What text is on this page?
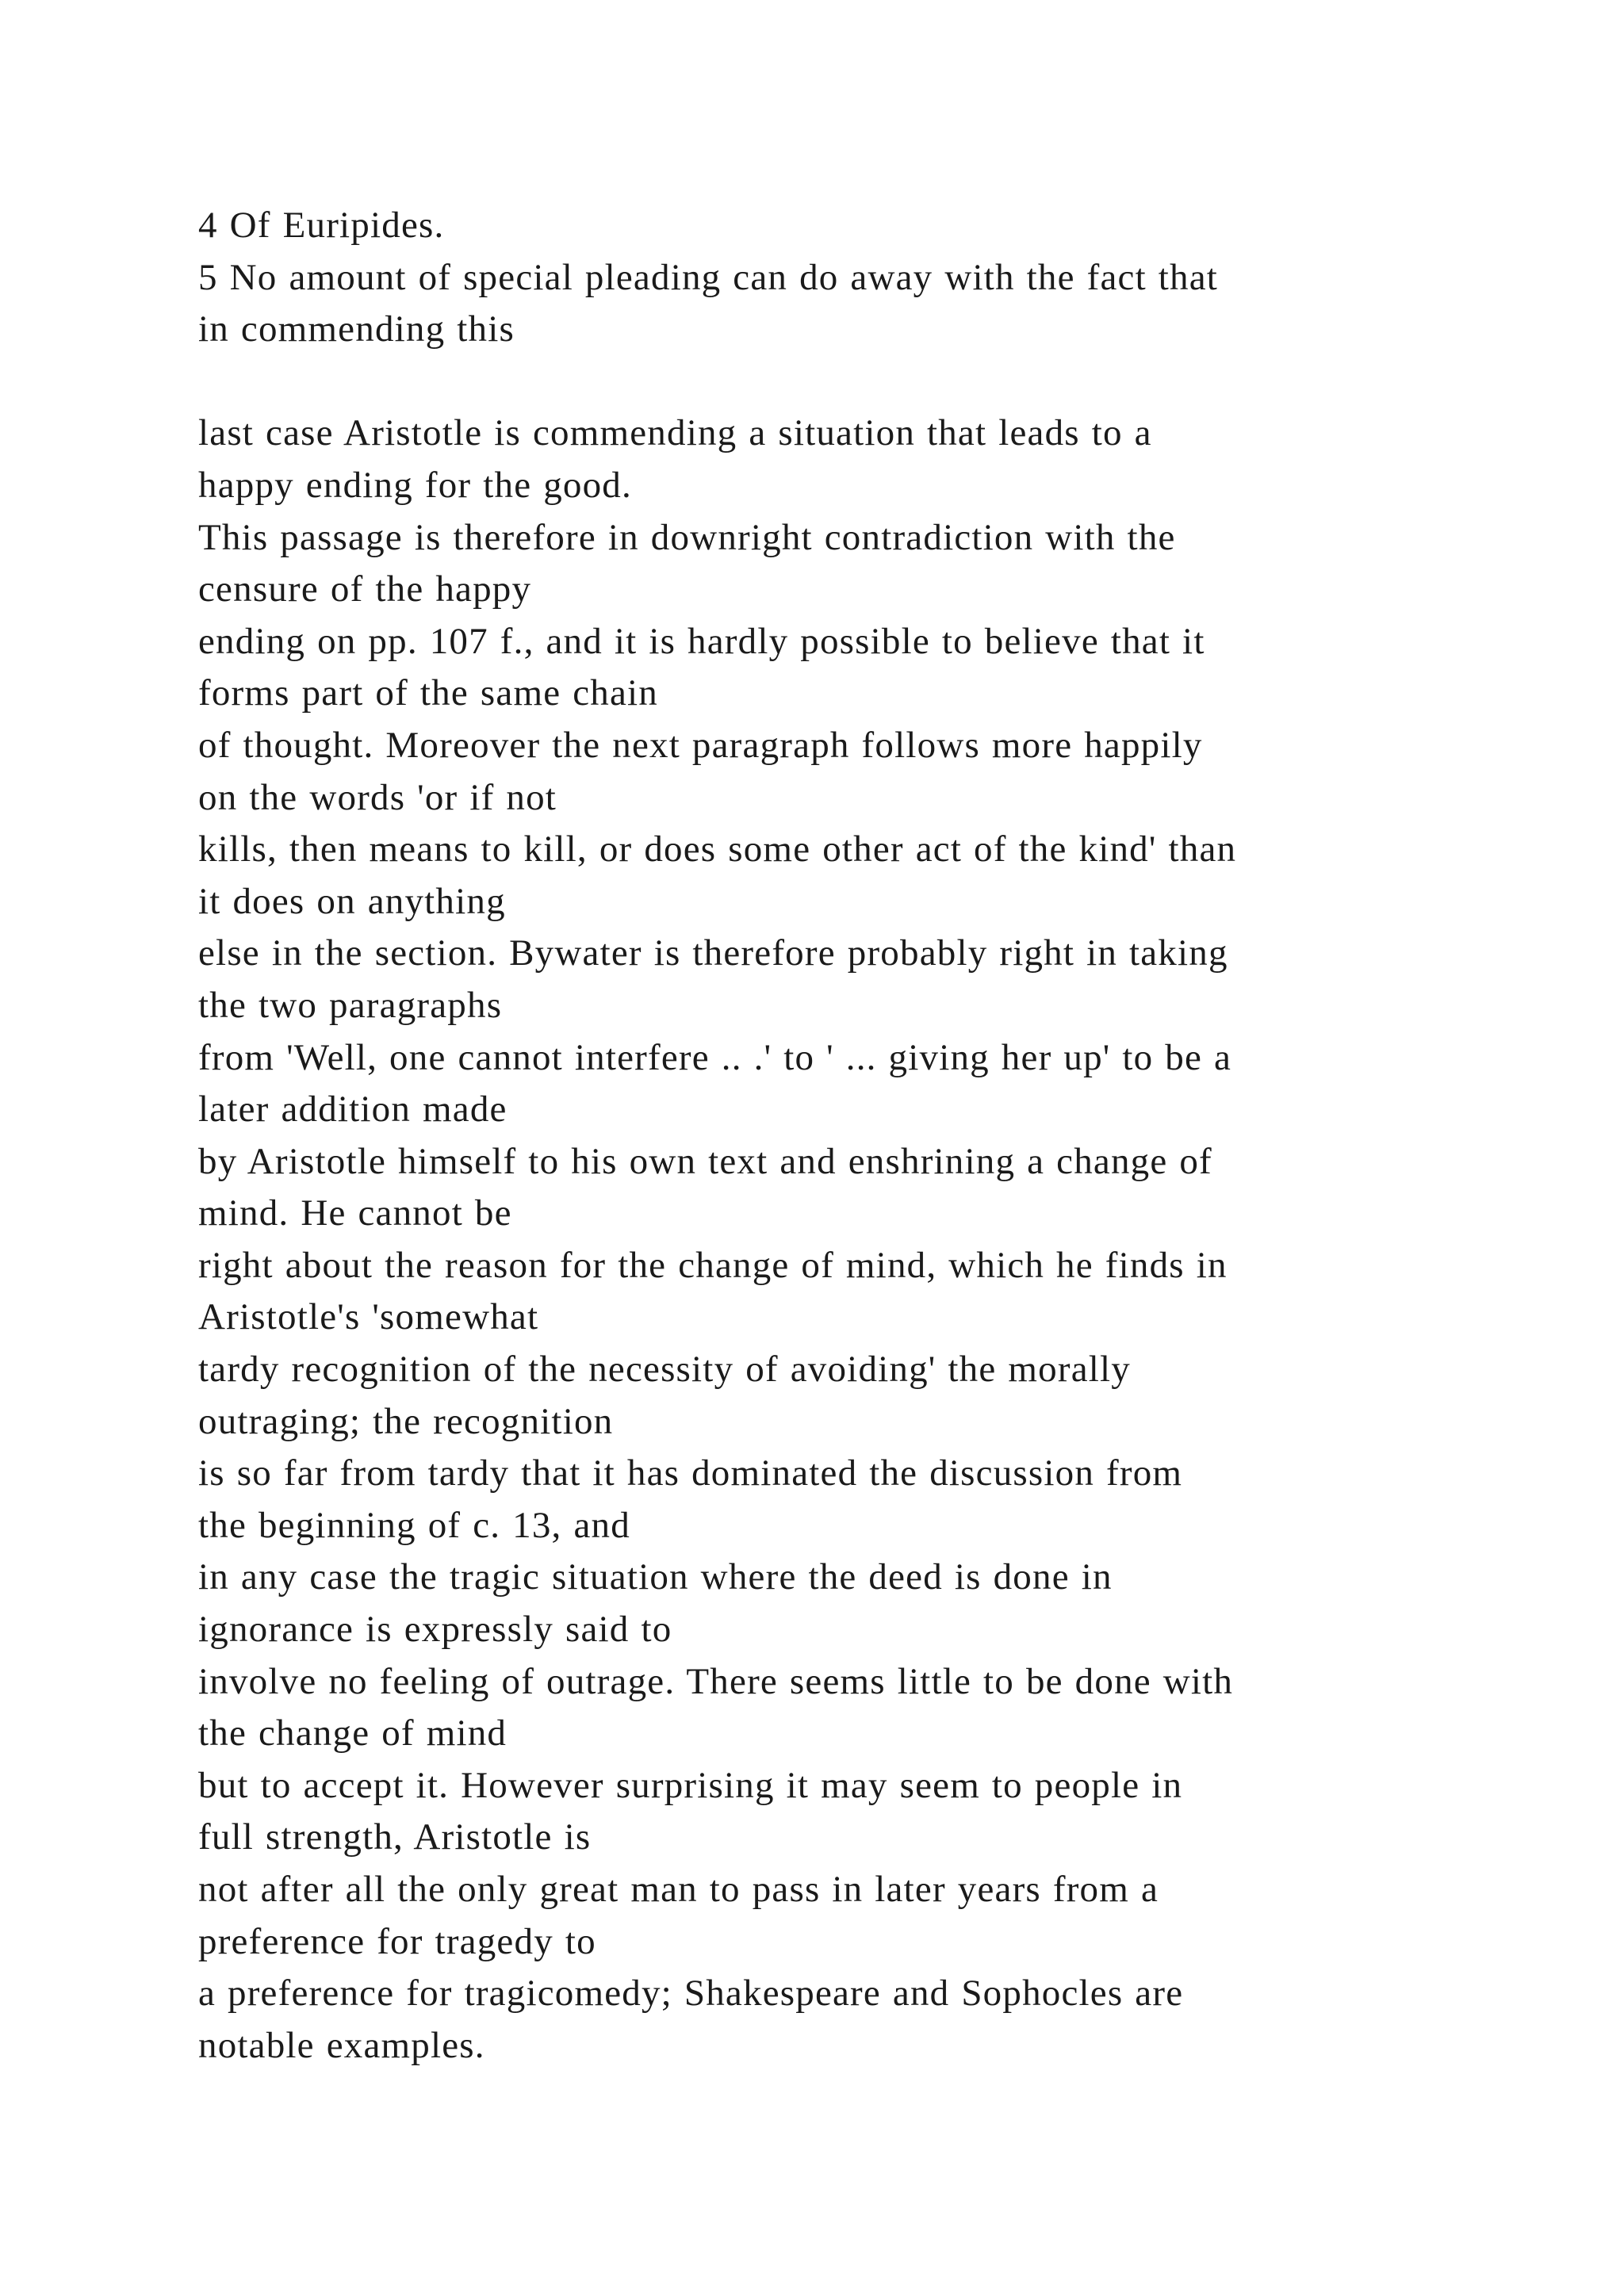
4 Of Euripides.
5 No amount of special pleading can do away with the fact that
in commending this
last case Aristotle is commending a situation that leads to a
happy ending for the good.
This passage is therefore in downright contradiction with the
censure of the happy
ending on pp. 107 f., and it is hardly possible to believe that it
forms part of the same chain
of thought. Moreover the next paragraph follows more happily
on the words 'or if not
kills, then means to kill, or does some other act of the kind' than
it does on anything
else in the section. Bywater is therefore probably right in taking
the two paragraphs
from 'Well, one cannot interfere .. .' to ' ... giving her up' to be a
later addition made
by Aristotle himself to his own text and enshrining a change of
mind. He cannot be
right about the reason for the change of mind, which he finds in
Aristotle's 'somewhat
tardy recognition of the necessity of avoiding' the morally
outraging; the recognition
is so far from tardy that it has dominated the discussion from
the beginning of c. 13, and
in any case the tragic situation where the deed is done in
ignorance is expressly said to
involve no feeling of outrage. There seems little to be done with
the change of mind
but to accept it. However surprising it may seem to people in
full strength, Aristotle is
not after all the only great man to pass in later years from a
preference for tragedy to
a preference for tragicomedy; Shakespeare and Sophocles are
notable examples.
